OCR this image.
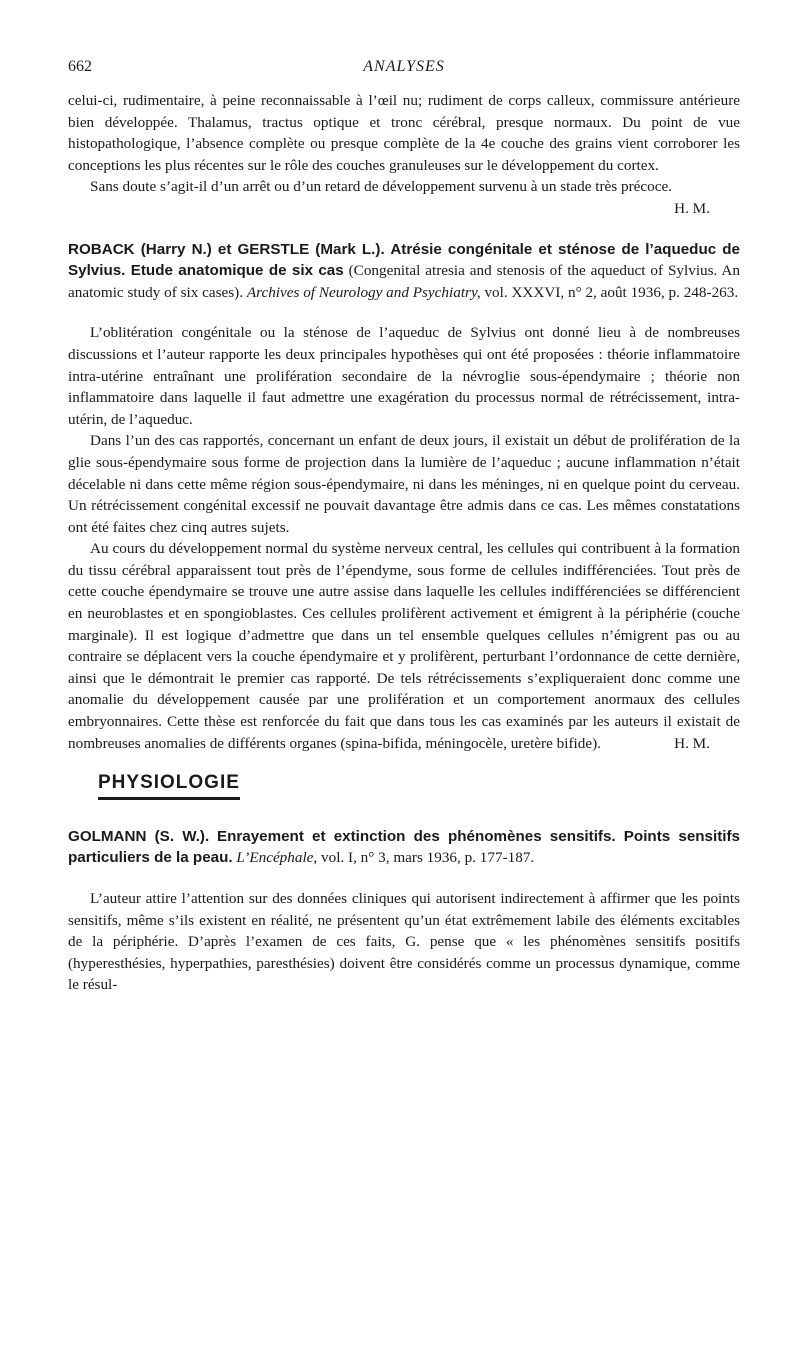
662	ANALYSES

celui-ci, rudimentaire, à peine reconnaissable à l’œil nu; rudiment de corps calleux, commissure antérieure bien développée. Thalamus, tractus optique et tronc cérébral, presque normaux. Du point de vue histopathologique, l’absence complète ou presque complète de la 4e couche des grains vient corroborer les conceptions les plus récentes sur le rôle des couches granuleuses sur le développement du cortex.

Sans doute s’agit-il d’un arrêt ou d’un retard de développement survenu à un stade très précoce.
H. M.

ROBACK (Harry N.) et GERSTLE (Mark L.). Atrésie congénitale et sténose de l’aqueduc de Sylvius. Etude anatomique de six cas (Congenital atresia and stenosis of the aqueduct of Sylvius. An anatomic study of six cases). Archives of Neurology and Psychiatry, vol. XXXVI, n° 2, août 1936, p. 248-263.

L’oblitération congénitale ou la sténose de l’aqueduc de Sylvius ont donné lieu à de nombreuses discussions et l’auteur rapporte les deux principales hypothèses qui ont été proposées : théorie inflammatoire intra-utérine entraînant une prolifération secondaire de la névroglie sous-épendymaire ; théorie non inflammatoire dans laquelle il faut admettre une exagération du processus normal de rétrécissement, intra-utérin, de l’aqueduc.

Dans l’un des cas rapportés, concernant un enfant de deux jours, il existait un début de prolifération de la glie sous-épendymaire sous forme de projection dans la lumière de l’aqueduc ; aucune inflammation n’était décelable ni dans cette même région sous-épendymaire, ni dans les méninges, ni en quelque point du cerveau. Un rétrécissement congénital excessif ne pouvait davantage être admis dans ce cas. Les mêmes constatations ont été faites chez cinq autres sujets.

Au cours du développement normal du système nerveux central, les cellules qui contribuent à la formation du tissu cérébral apparaissent tout près de l’épendyme, sous forme de cellules indifférenciées. Tout près de cette couche épendymaire se trouve une autre assise dans laquelle les cellules indifférenciées se différencient en neuroblastes et en spongioblastes. Ces cellules prolifèrent activement et émigrent à la périphérie (couche marginale). Il est logique d’admettre que dans un tel ensemble quelques cellules n’émigrent pas ou au contraire se déplacent vers la couche épendymaire et y prolifèrent, perturbant l’ordonnance de cette dernière, ainsi que le démontrait le premier cas rapporté. De tels rétrécissements s’expliqueraient donc comme une anomalie du développement causée par une prolifération et un comportement anormaux des cellules embryonnaires. Cette thèse est renforcée du fait que dans tous les cas examinés par les auteurs il existait de nombreuses anomalies de différents organes (spina-bifida, méningocèle, uretère bifide).	H. M.

PHYSIOLOGIE

GOLMANN (S. W.). Enrayement et extinction des phénomènes sensitifs. Points sensitifs particuliers de la peau. L’Encéphale, vol. I, n° 3, mars 1936, p. 177-187.

L’auteur attire l’attention sur des données cliniques qui autorisent indirectement à affirmer que les points sensitifs, même s’ils existent en réalité, ne présentent qu’un état extrêmement labile des éléments excitables de la périphérie. D’après l’examen de ces faits, G. pense que « les phénomènes sensitifs positifs (hyperesthésies, hyperpathies, paresthésies) doivent être considérés comme un processus dynamique, comme le résul-
